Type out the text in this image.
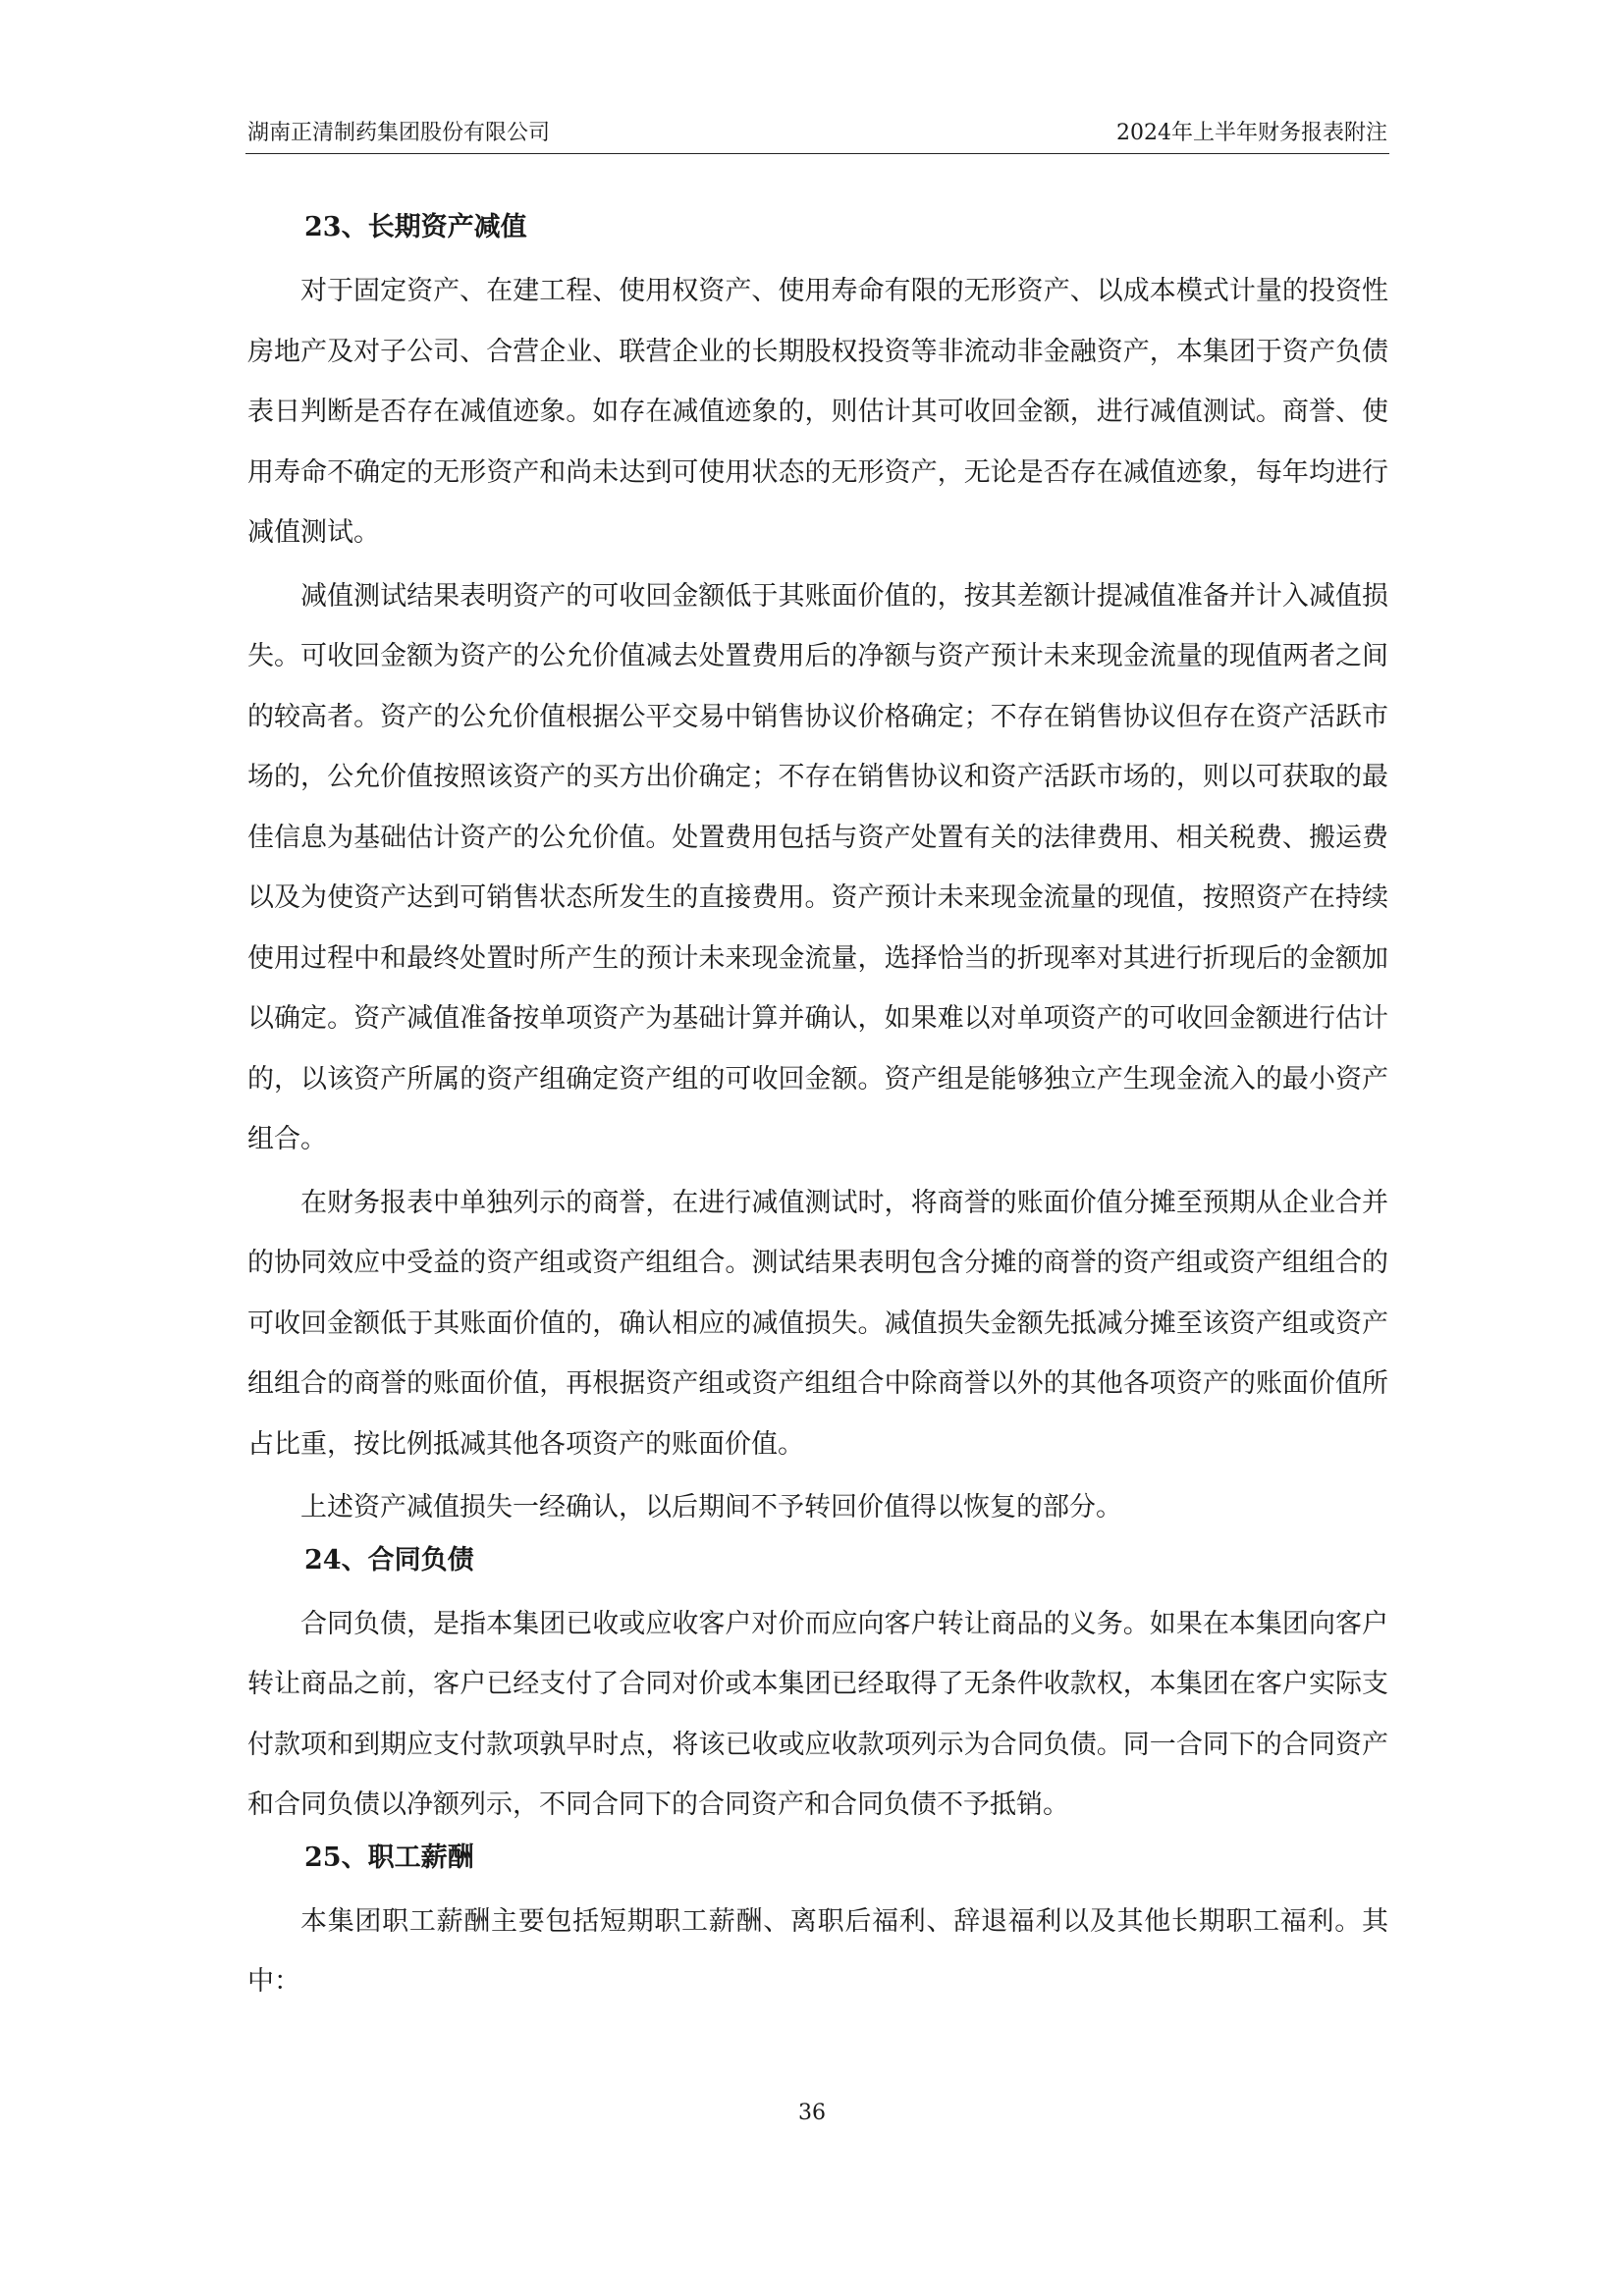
湖南正清制药集团股份有限公司	2024年上半年财务报表附注
23、长期资产减值

对于固定资产、在建工程、使用权资产、使用寿命有限的无形资产、以成本模式计量的投资性房地产及对子公司、合营企业、联营企业的长期股权投资等非流动非金融资产，本集团于资产负债表日判断是否存在减值迹象。如存在减值迹象的，则估计其可收回金额，进行减值测试。商誉、使用寿命不确定的无形资产和尚未达到可使用状态的无形资产，无论是否存在减值迹象，每年均进行减值测试。

减值测试结果表明资产的可收回金额低于其账面价值的，按其差额计提减值准备并计入减值损失。可收回金额为资产的公允价值减去处置费用后的净额与资产预计未来现金流量的现值两者之间的较高者。资产的公允价值根据公平交易中销售协议价格确定；不存在销售协议但存在资产活跃市场的，公允价值按照该资产的买方出价确定；不存在销售协议和资产活跃市场的，则以可获取的最佳信息为基础估计资产的公允价值。处置费用包括与资产处置有关的法律费用、相关税费、搬运费以及为使资产达到可销售状态所发生的直接费用。资产预计未来现金流量的现值，按照资产在持续使用过程中和最终处置时所产生的预计未来现金流量，选择恰当的折现率对其进行折现后的金额加以确定。资产减值准备按单项资产为基础计算并确认，如果难以对单项资产的可收回金额进行估计的，以该资产所属的资产组确定资产组的可收回金额。资产组是能够独立产生现金流入的最小资产组合。

在财务报表中单独列示的商誉，在进行减值测试时，将商誉的账面价值分摊至预期从企业合并的协同效应中受益的资产组或资产组组合。测试结果表明包含分摊的商誉的资产组或资产组组合的可收回金额低于其账面价值的，确认相应的减值损失。减值损失金额先抵减分摊至该资产组或资产组组合的商誉的账面价值，再根据资产组或资产组组合中除商誉以外的其他各项资产的账面价值所占比重，按比例抵减其他各项资产的账面价值。

上述资产减值损失一经确认，以后期间不予转回价值得以恢复的部分。

24、合同负债

合同负债，是指本集团已收或应收客户对价而应向客户转让商品的义务。如果在本集团向客户转让商品之前，客户已经支付了合同对价或本集团已经取得了无条件收款权，本集团在客户实际支付款项和到期应支付款项孰早时点，将该已收或应收款项列示为合同负债。同一合同下的合同资产和合同负债以净额列示，不同合同下的合同资产和合同负债不予抵销。

25、职工薪酬

本集团职工薪酬主要包括短期职工薪酬、离职后福利、辞退福利以及其他长期职工福利。其中：

36
